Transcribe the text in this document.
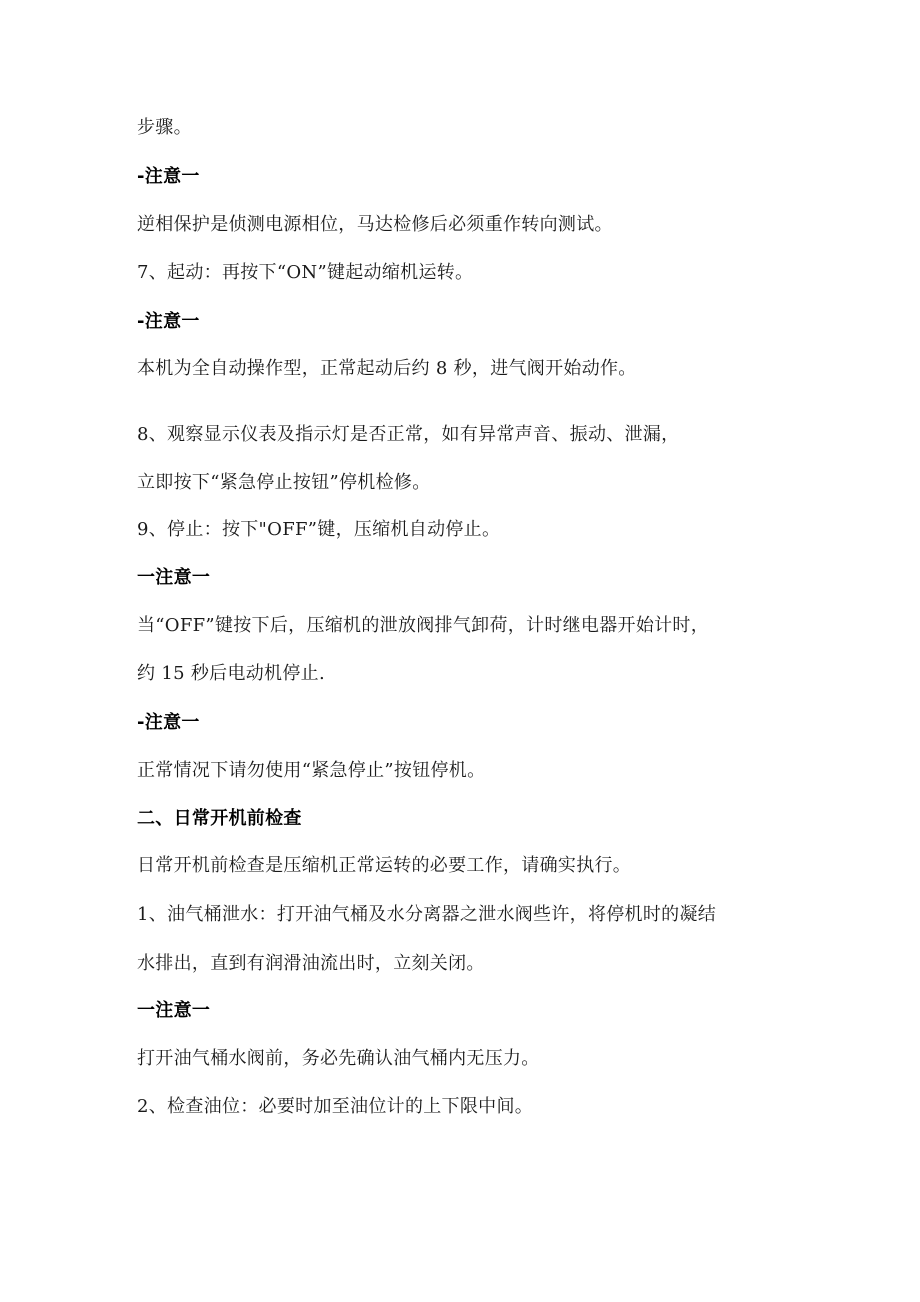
步骤。
-注意一
逆相保护是侦测电源相位，马达检修后必须重作转向测试。
7、起动：再按下“ON”键起动缩机运转。
-注意一
本机为全自动操作型，正常起动后约 8 秒，进气阀开始动作。
8、观察显示仪表及指示灯是否正常，如有异常声音、振动、泄漏，
立即按下“紧急停止按钮”停机检修。
9、停止：按下"OFF”键，压缩机自动停止。
一注意一
当“OFF”键按下后，压缩机的泄放阀排气卸荷，计时继电器开始计时，
约 15 秒后电动机停止.
-注意一
正常情况下请勿使用“紧急停止”按钮停机。
二、日常开机前检查
日常开机前检查是压缩机正常运转的必要工作，请确实执行。
1、油气桶泄水：打开油气桶及水分离器之泄水阀些许，将停机时的凝结
水排出，直到有润滑油流出时，立刻关闭。
一注意一
打开油气桶水阀前，务必先确认油气桶内无压力。
2、检查油位：必要时加至油位计的上下限中间。
